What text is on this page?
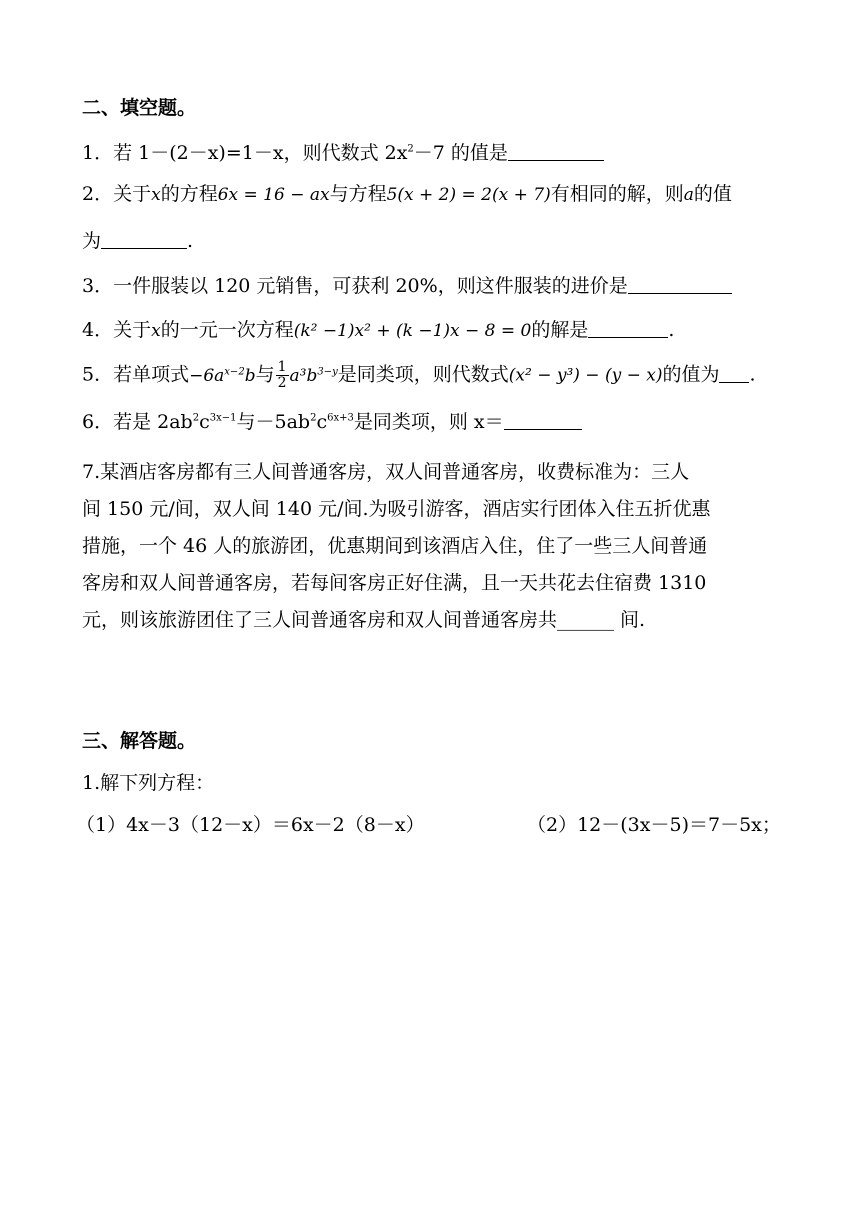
二、填空题。
1．若 1－(2－x)=1－x，则代数式 $2x^2-7$ 的值是
2．关于x的方程6x = 16 − ax与方程5(x + 2) = 2(x + 7)有相同的解，则a的值
为	.
3．一件服装以 120 元销售，可获利 20%，则这件服装的进价是
4．关于x的一元一次方程(k² −1)x² + (k −1)x − 8 = 0的解是	.
5．若单项式$-6a^{x-2}b$与 $\frac{1}{2} a^3b^{3-y}$是同类项，则代数式(x² − y³) − (y − x)的值为 .
6．若是 $2ab^2c^{3x-1}$与$-5ab^2c^{6x+3}$是同类项，则 x＝
7.某酒店客房都有三人间普通客房，双人间普通客房，收费标准为：三人
间 150 元/间，双人间 140 元/间.为吸引游客，酒店实行团体入住五折优惠
措施，一个 46 人的旅游团，优惠期间到该酒店入住，住了一些三人间普通
客房和双人间普通客房，若每间客房正好住满，且一天共花去住宿费 1310
元，则该旅游团住了三人间普通客房和双人间普通客房共______ 间.
三、解答题。
1.解下列方程：
（1）4x－3（12－x）＝6x－2（8－x）	（2）12－(3x－5)＝7－5x；
